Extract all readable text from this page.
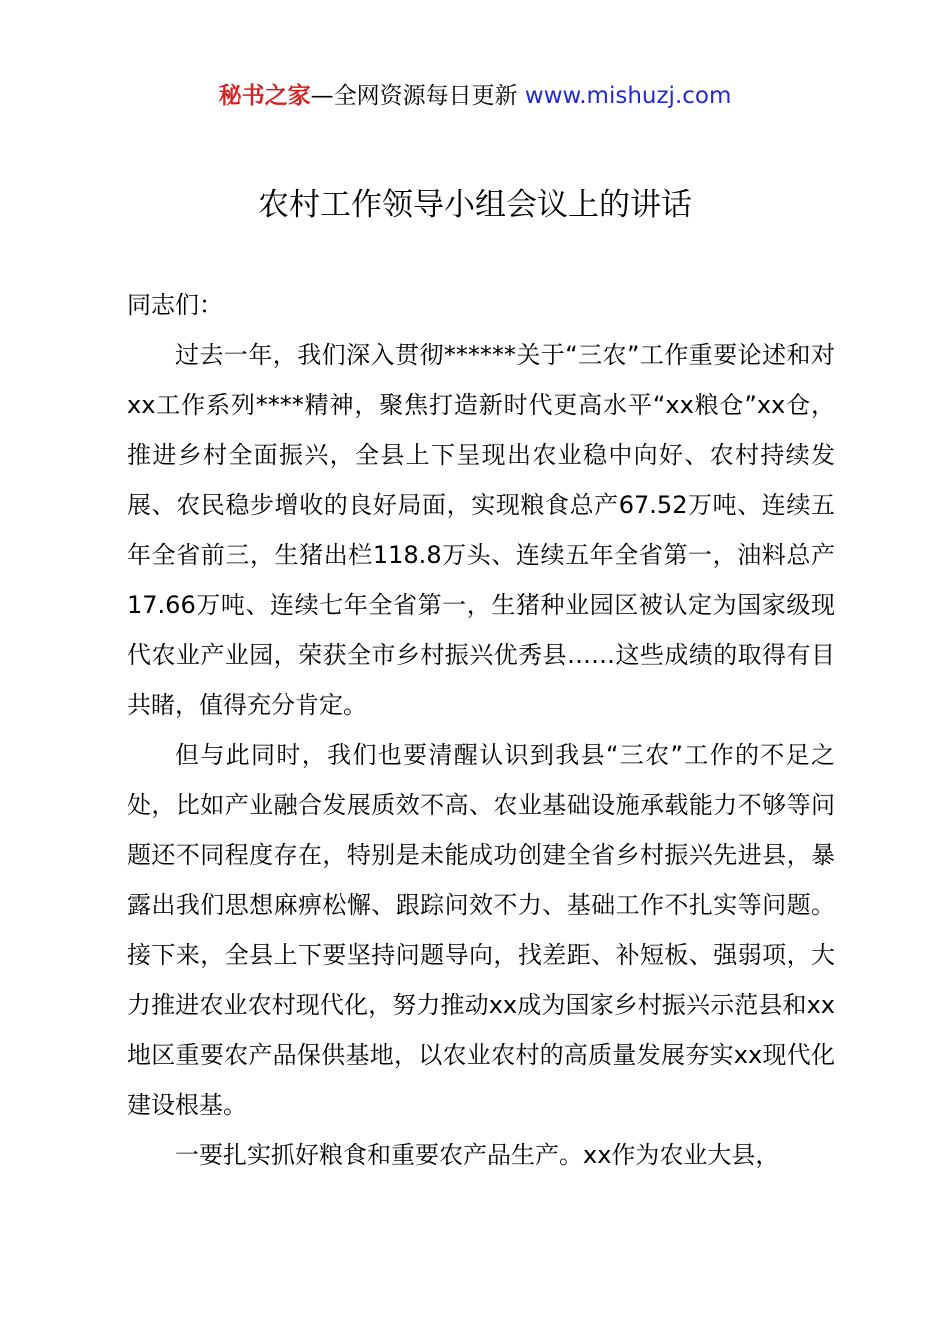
秘书之家—全网资源每日更新 www.mishuzj.com
农村工作领导小组会议上的讲话

同志们：

过去一年，我们深入贯彻******关于“三农”工作重要论述和对xx工作系列****精神，聚焦打造新时代更高水平“xx粮仓”xx仓，推进乡村全面振兴，全县上下呈现出农业稳中向好、农村持续发展、农民稳步增收的良好局面，实现粮食总产67.52万吨、连续五年全省前三，生猪出栏118.8万头、连续五年全省第一，油料总产17.66万吨、连续七年全省第一，生猪种业园区被认定为国家级现代农业产业园，荣获全市乡村振兴优秀县……这些成绩的取得有目共睹，值得充分肯定。

但与此同时，我们也要清醒认识到我县“三农”工作的不足之处，比如产业融合发展质效不高、农业基础设施承载能力不够等问题还不同程度存在，特别是未能成功创建全省乡村振兴先进县，暴露出我们思想麻痹松懈、跟踪问效不力、基础工作不扎实等问题。接下来，全县上下要坚持问题导向，找差距、补短板、强弱项，大力推进农业农村现代化，努力推动xx成为国家乡村振兴示范县和xx地区重要农产品保供基地，以农业农村的高质量发展夯实xx现代化建设根基。

一要扎实抓好粮食和重要农产品生产。xx作为农业大县，
